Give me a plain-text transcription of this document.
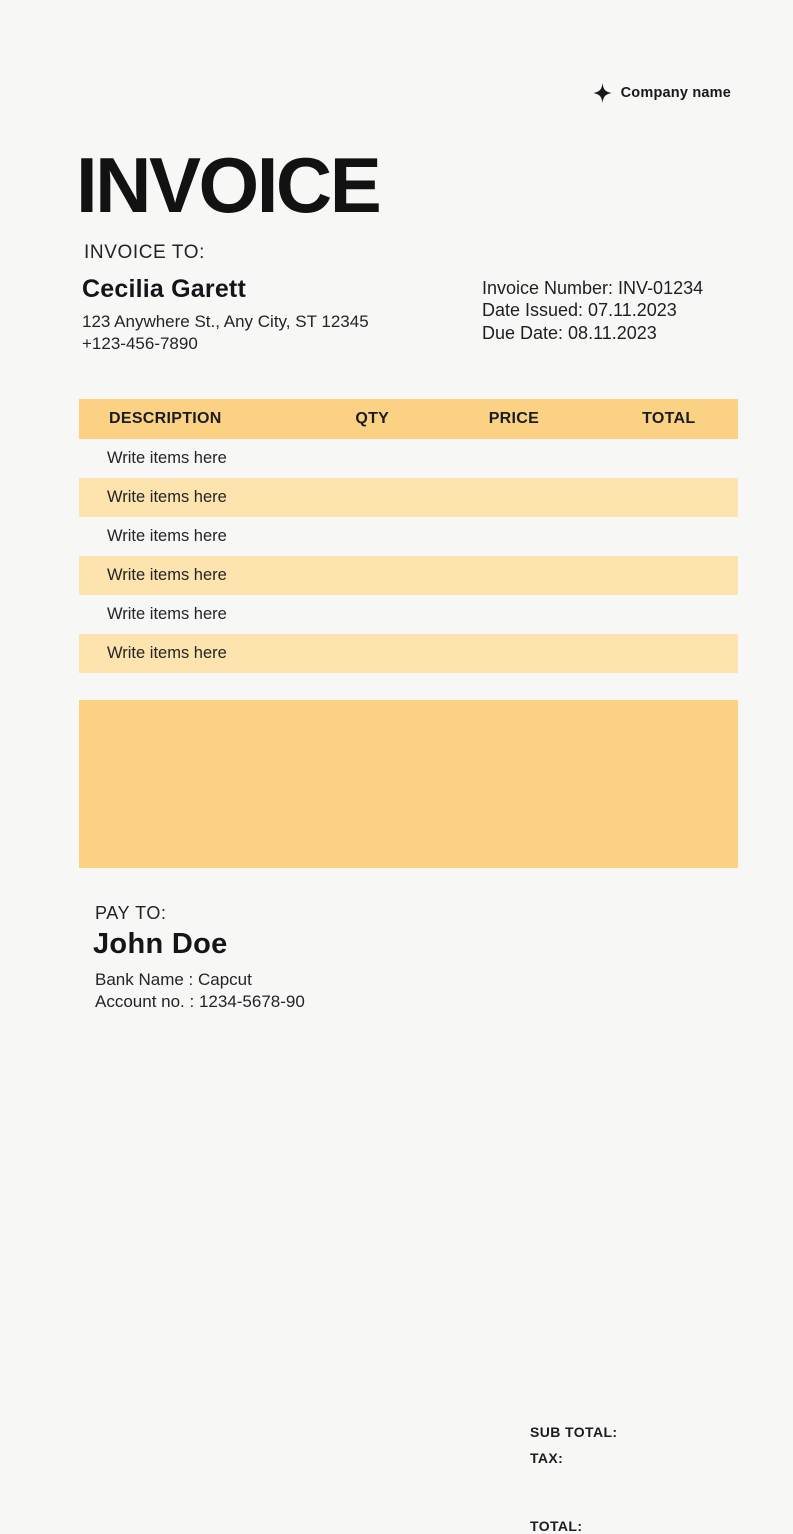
Company name
INVOICE
INVOICE TO:
Cecilia Garett
123 Anywhere St., Any City, ST 12345
+123-456-7890
Invoice Number: INV-01234
Date Issued: 07.11.2023
Due Date: 08.11.2023
DESCRIPTION	QTY	PRICE	TOTAL
Write items here
Write items here
Write items here
Write items here
Write items here
Write items here
SUB TOTAL:
TAX:
TOTAL:
PAY TO:
John Doe
Bank Name : Capcut
Account no. : 1234-5678-90
